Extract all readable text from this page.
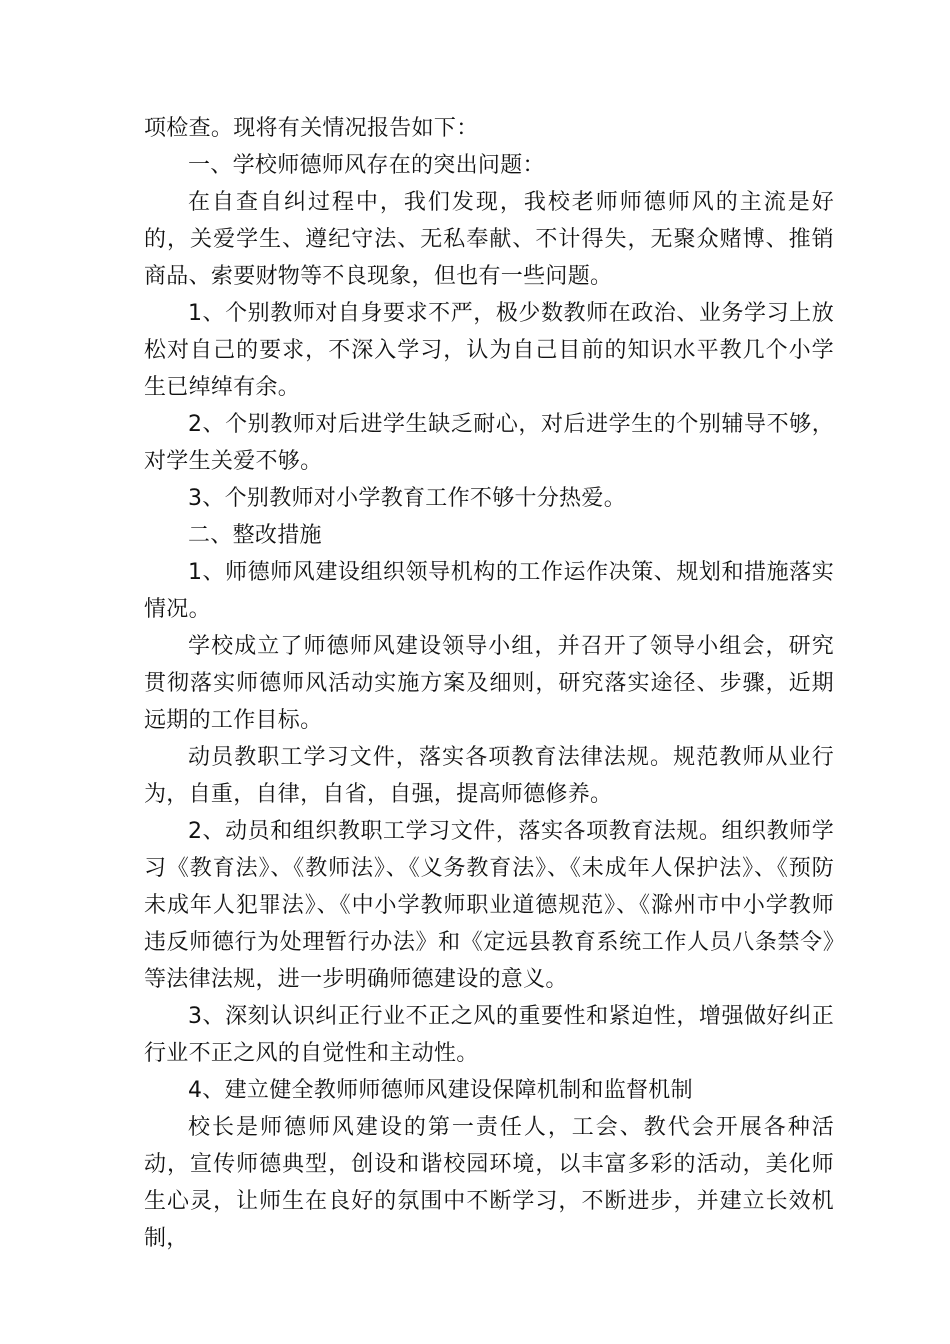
项检查。现将有关情况报告如下：

一、学校师德师风存在的突出问题：

在自查自纠过程中，我们发现，我校老师师德师风的主流是好的，关爱学生、遵纪守法、无私奉献、不计得失，无聚众赌博、推销商品、索要财物等不良现象，但也有一些问题。

1、个别教师对自身要求不严，极少数教师在政治、业务学习上放松对自己的要求，不深入学习，认为自己目前的知识水平教几个小学生已绰绰有余。

2、个别教师对后进学生缺乏耐心，对后进学生的个别辅导不够，对学生关爱不够。

3、个别教师对小学教育工作不够十分热爱。

二、整改措施

1、师德师风建设组织领导机构的工作运作决策、规划和措施落实情况。

学校成立了师德师风建设领导小组，并召开了领导小组会，研究贯彻落实师德师风活动实施方案及细则，研究落实途径、步骤，近期远期的工作目标。

动员教职工学习文件，落实各项教育法律法规。规范教师从业行为，自重，自律，自省，自强，提高师德修养。

2、动员和组织教职工学习文件，落实各项教育法规。组织教师学习《教育法》、《教师法》、《义务教育法》、《未成年人保护法》、《预防未成年人犯罪法》、《中小学教师职业道德规范》、《滁州市中小学教师违反师德行为处理暂行办法》和《定远县教育系统工作人员八条禁令》等法律法规，进一步明确师德建设的意义。

3、深刻认识纠正行业不正之风的重要性和紧迫性，增强做好纠正行业不正之风的自觉性和主动性。

4、建立健全教师师德师风建设保障机制和监督机制

校长是师德师风建设的第一责任人，工会、教代会开展各种活动，宣传师德典型，创设和谐校园环境，以丰富多彩的活动，美化师生心灵，让师生在良好的氛围中不断学习，不断进步，并建立长效机制，
